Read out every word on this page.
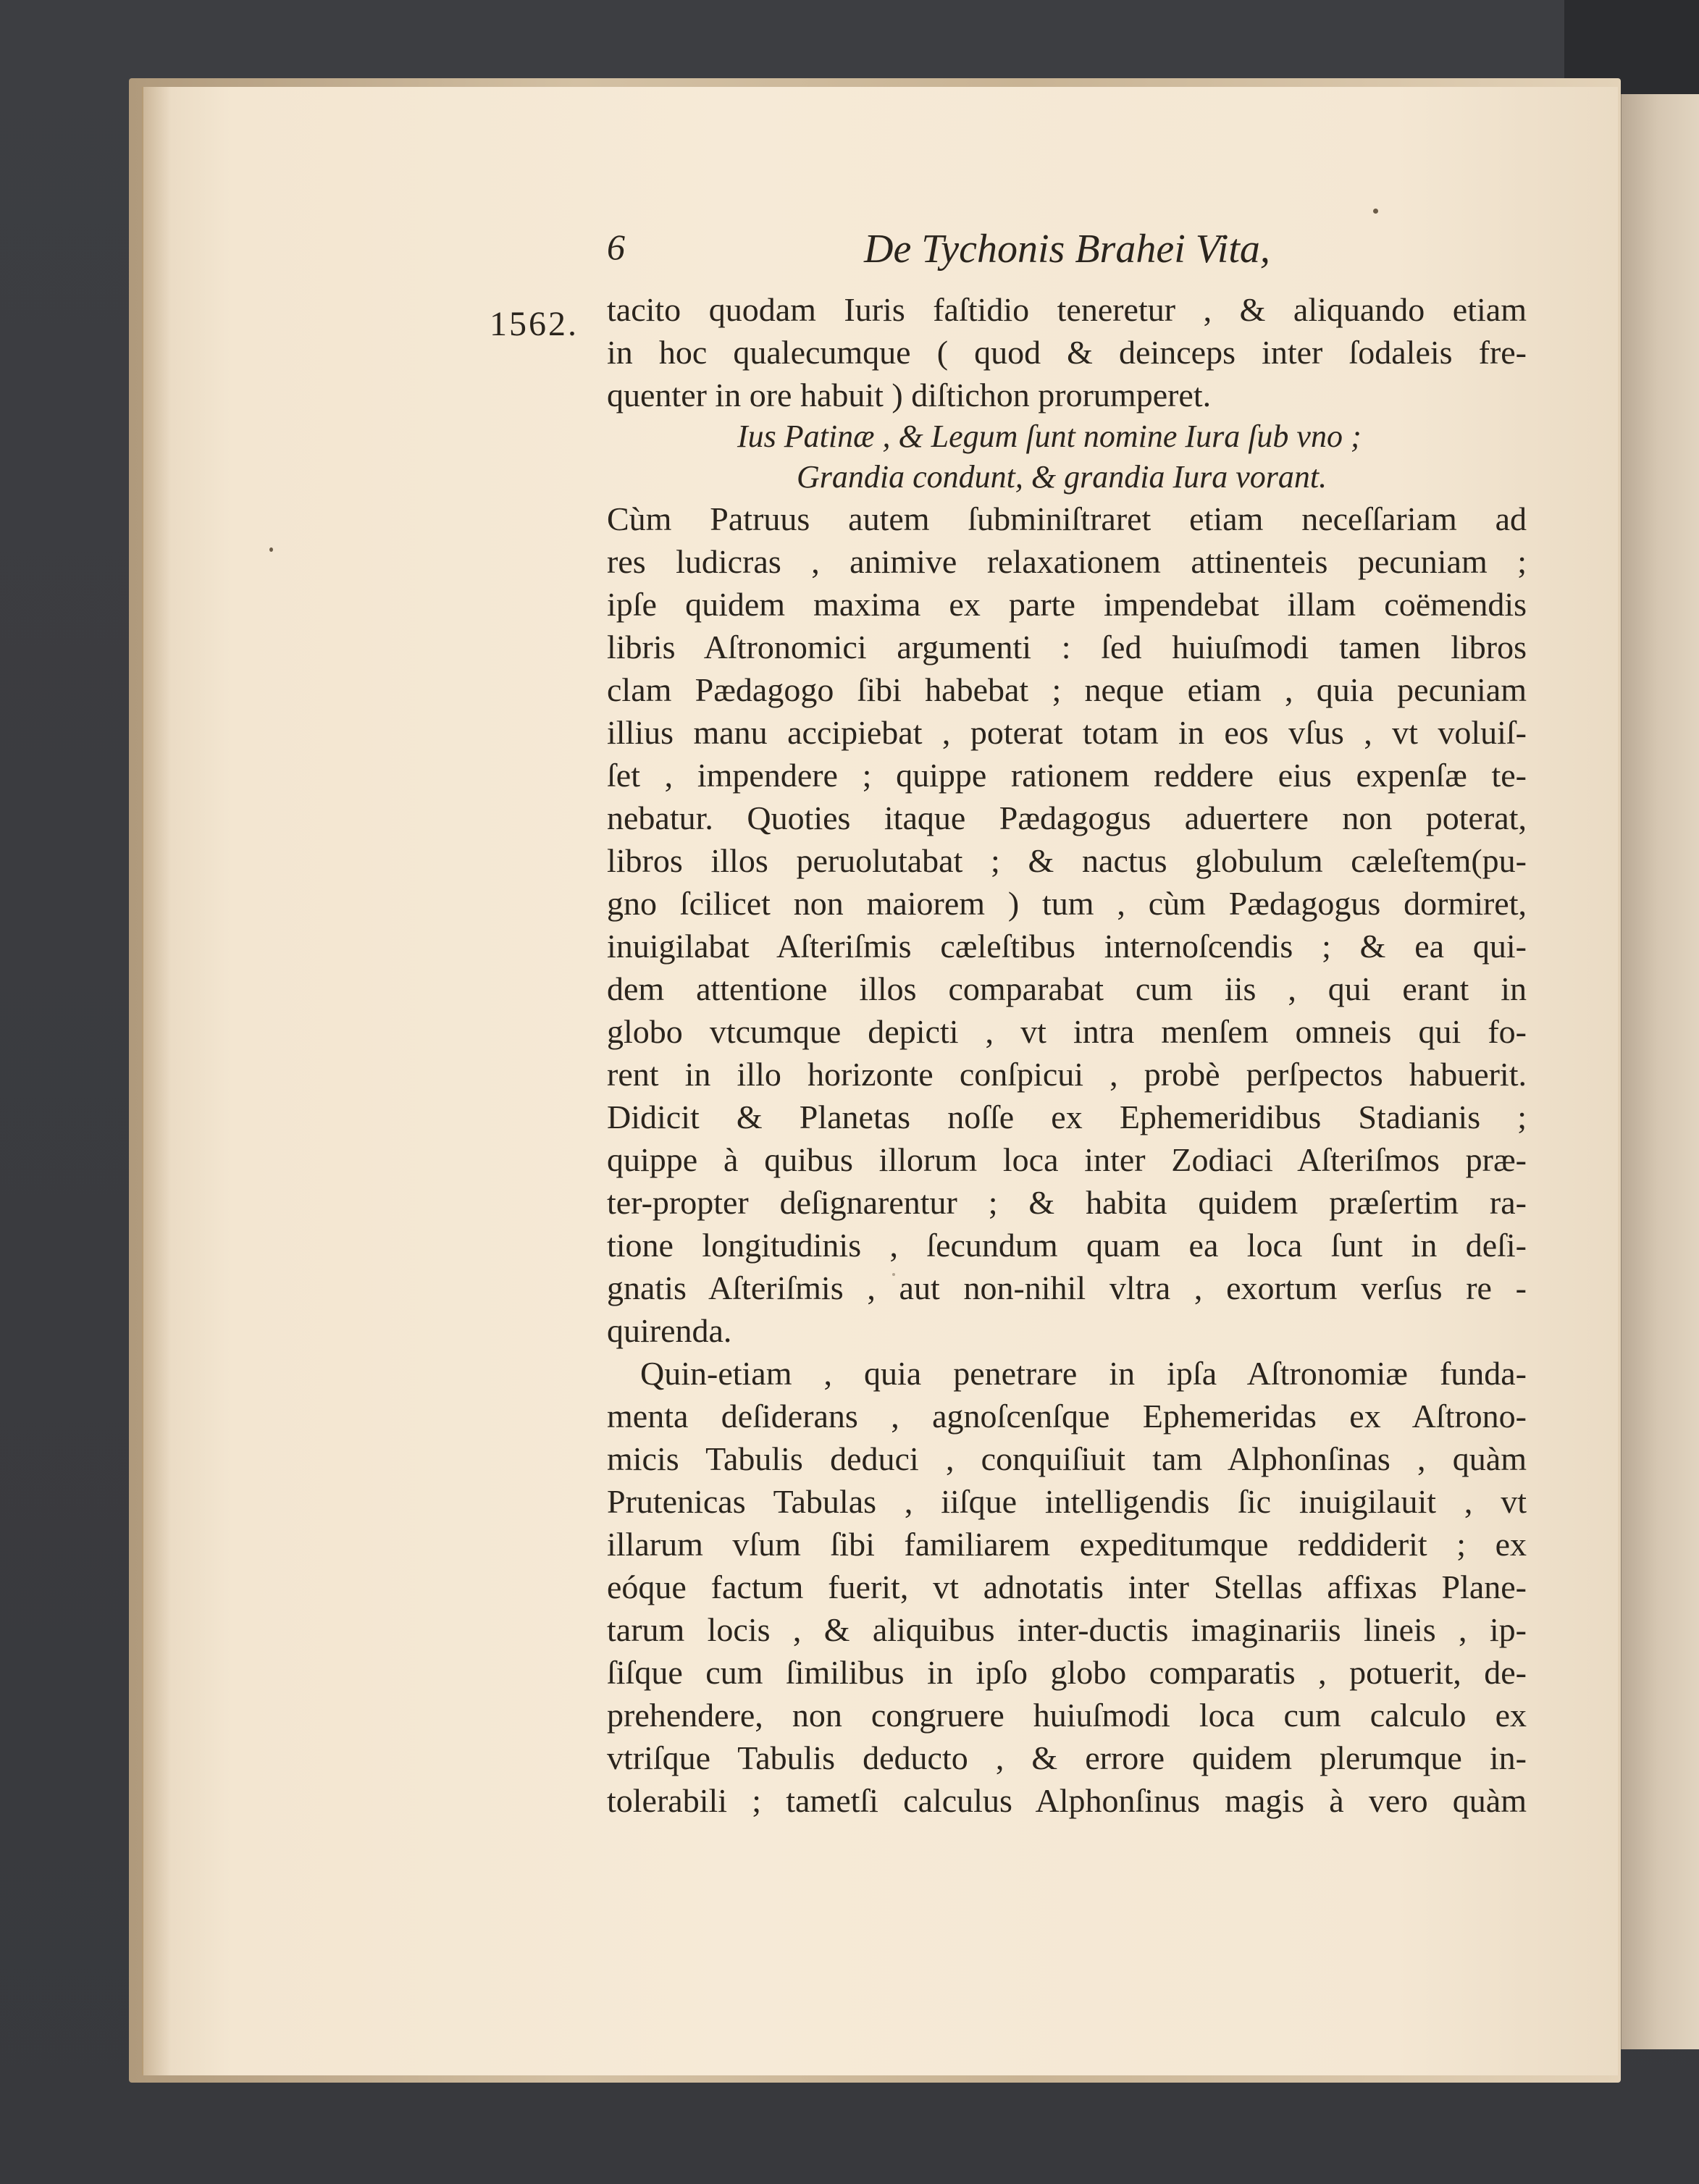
6	De Tychonis Brahei Vita,
1562. tacito quodam Iuris faſtidio teneretur , & aliquando etiam
in hoc qualecumque ( quod & deinceps inter ſodaleis fre-
quenter in ore habuit ) diſtichon prorumperet.
Ius Patinæ , & Legum ſunt nomine Iura ſub vno ;
Grandia condunt, & grandia Iura vorant.
Cùm Patruus autem ſubminiſtraret etiam neceſſariam ad
res ludicras , animive relaxationem attinenteis pecuniam ;
ipſe quidem maxima ex parte impendebat illam coëmendis
libris Aſtronomici argumenti : ſed huiuſmodi tamen libros
clam Pædagogo ſibi habebat ; neque etiam , quia pecuniam
illius manu accipiebat , poterat totam in eos vſus , vt voluiſ-
ſet , impendere ; quippe rationem reddere eius expenſæ te-
nebatur. Quoties itaque Pædagogus aduertere non poterat,
libros illos peruolutabat ; & nactus globulum cæleſtem(pu-
gno ſcilicet non maiorem ) tum , cùm Pædagogus dormiret,
inuigilabat Aſteriſmis cæleſtibus internoſcendis ; & ea qui-
dem attentione illos comparabat cum iis , qui erant in
globo vtcumque depicti , vt intra menſem omneis qui fo-
rent in illo horizonte conſpicui , probè perſpectos habuerit.
Didicit & Planetas noſſe ex Ephemeridibus Stadianis ;
quippe à quibus illorum loca inter Zodiaci Aſteriſmos præ-
ter-propter deſignarentur ; & habita quidem præſertim ra-
tione longitudinis , ſecundum quam ea loca ſunt in deſi-
gnatis Aſteriſmis , aut non-nihil vltra , exortum verſus re -
quirenda.
Quin-etiam , quia penetrare in ipſa Aſtronomiæ funda-
menta deſiderans , agnoſcenſque Ephemeridas ex Aſtrono-
micis Tabulis deduci , conquiſiuit tam Alphonſinas , quàm
Prutenicas Tabulas , iiſque intelligendis ſic inuigilauit , vt
illarum vſum ſibi familiarem expeditumque reddiderit ; ex
eóque factum fuerit, vt adnotatis inter Stellas affixas Plane-
tarum locis , & aliquibus inter-ductis imaginariis lineis , ip-
ſiſque cum ſimilibus in ipſo globo comparatis , potuerit, de-
prehendere, non congruere huiuſmodi loca cum calculo ex
vtriſque Tabulis deducto , & errore quidem plerumque in-
tolerabili ; tametſi calculus Alphonſinus magis à vero quàm
